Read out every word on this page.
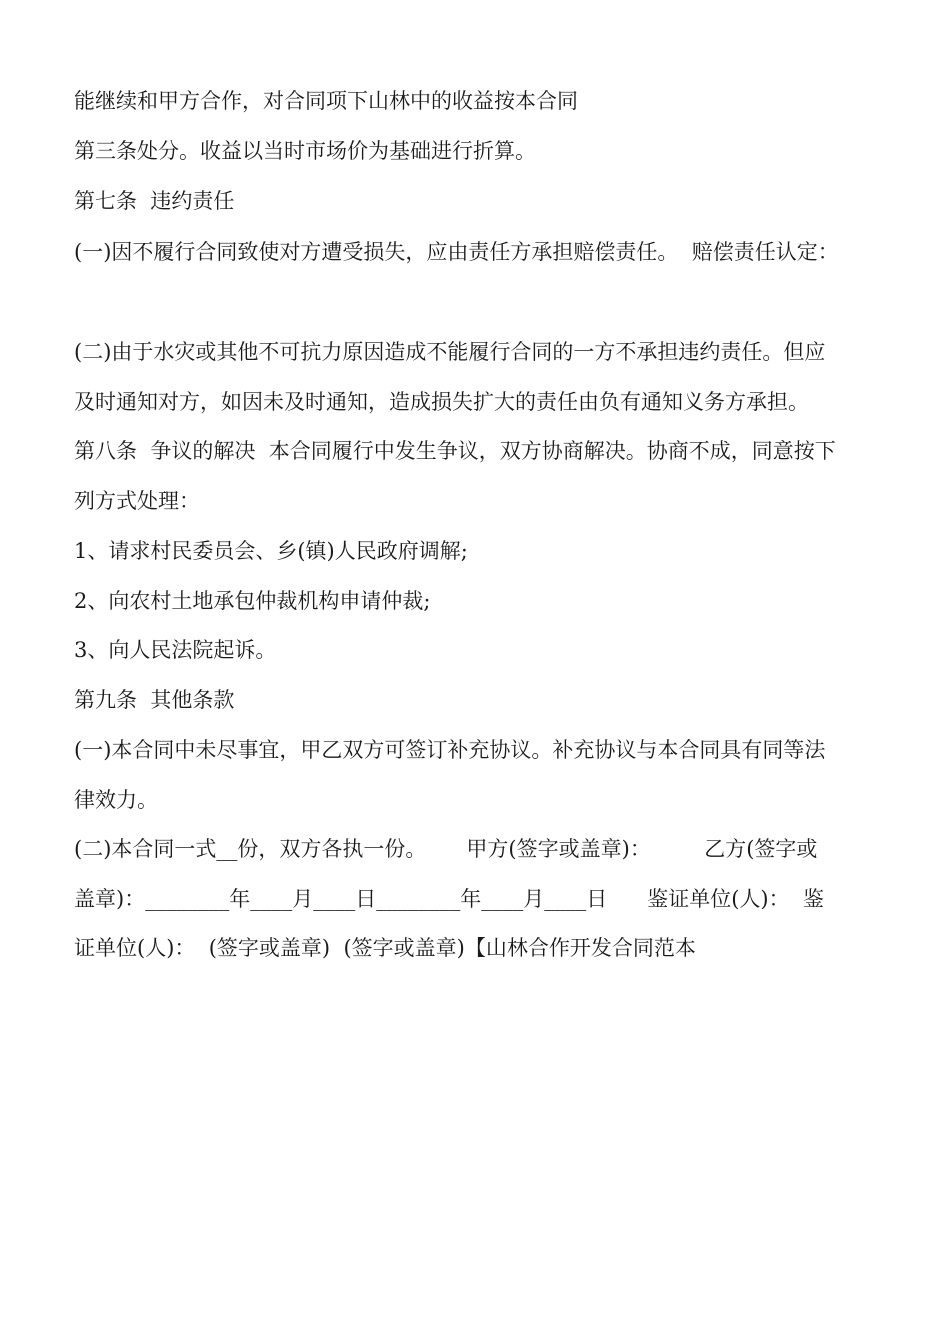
能继续和甲方合作，对合同项下山林中的收益按本合同
第三条处分。收益以当时市场价为基础进行折算。
第七条  违约责任
(一)因不履行合同致使对方遭受损失，应由责任方承担赔偿责任。  赔偿责任认定：
(二)由于水灾或其他不可抗力原因造成不能履行合同的一方不承担违约责任。但应
及时通知对方，如因未及时通知，造成损失扩大的责任由负有通知义务方承担。
第八条  争议的解决  本合同履行中发生争议，双方协商解决。协商不成，同意按下
列方式处理：
1、请求村民委员会、乡(镇)人民政府调解;
2、向农村土地承包仲裁机构申请仲裁;
3、向人民法院起诉。
第九条  其他条款
(一)本合同中未尽事宜，甲乙双方可签订补充协议。补充协议与本合同具有同等法
律效力。
(二)本合同一式__份，双方各执一份。      甲方(签字或盖章)：        乙方(签字或
盖章)：________年____月____日________年____月____日      鉴证单位(人)：  鉴
证单位(人)：  (签字或盖章)  (签字或盖章)【山林合作开发合同范本
